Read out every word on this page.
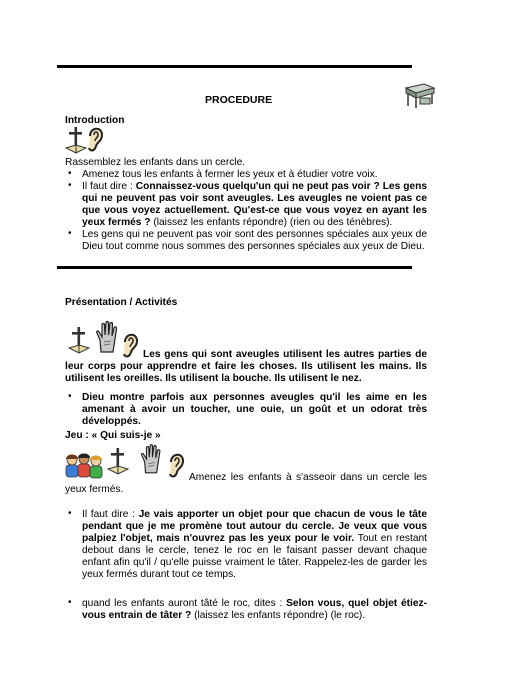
PROCEDURE
Introduction
Rassemblez les enfants dans un cercle.
• Amenez tous les enfants à fermer les yeux et à étudier votre voix.
• Il faut dire : Connaissez-vous quelqu'un qui ne peut pas voir ? Les gens qui ne peuvent pas voir sont aveugles. Les aveugles ne voient pas ce que vous voyez actuellement. Qu'est-ce que vous voyez en ayant les yeux fermés ? (laissez les enfants répondre) (rien ou des ténèbres).
• Les gens qui ne peuvent pas voir sont des personnes spéciales aux yeux de Dieu tout comme nous sommes des personnes spéciales aux yeux de Dieu.
Présentation / Activités
Les gens qui sont aveugles utilisent les autres parties de leur corps pour apprendre et faire les choses. Ils utilisent les mains. Ils utilisent les oreilles. Ils utilisent la bouche. Ils utilisent le nez.
• Dieu montre parfois aux personnes aveugles qu'il les aime en les amenant à avoir un toucher, une ouie, un goût et un odorat très développés.
Jeu : « Qui suis-je »
Amenez les enfants à s'asseoir dans un cercle les yeux fermés.
• Il faut dire : Je vais apporter un objet pour que chacun de vous le tâte pendant que je me promène tout autour du cercle. Je veux que vous palpiez l'objet, mais n'ouvrez pas les yeux pour le voir. Tout en restant debout dans le cercle, tenez le roc en le faisant passer devant chaque enfant afin qu'il / qu'elle puisse vraiment le tâter. Rappelez-les de garder les yeux fermés durant tout ce temps.
• quand les enfants auront tâté le roc, dites : Selon vous, quel objet étiez-vous entrain de tâter ? (laissez les enfants répondre) (le roc).
